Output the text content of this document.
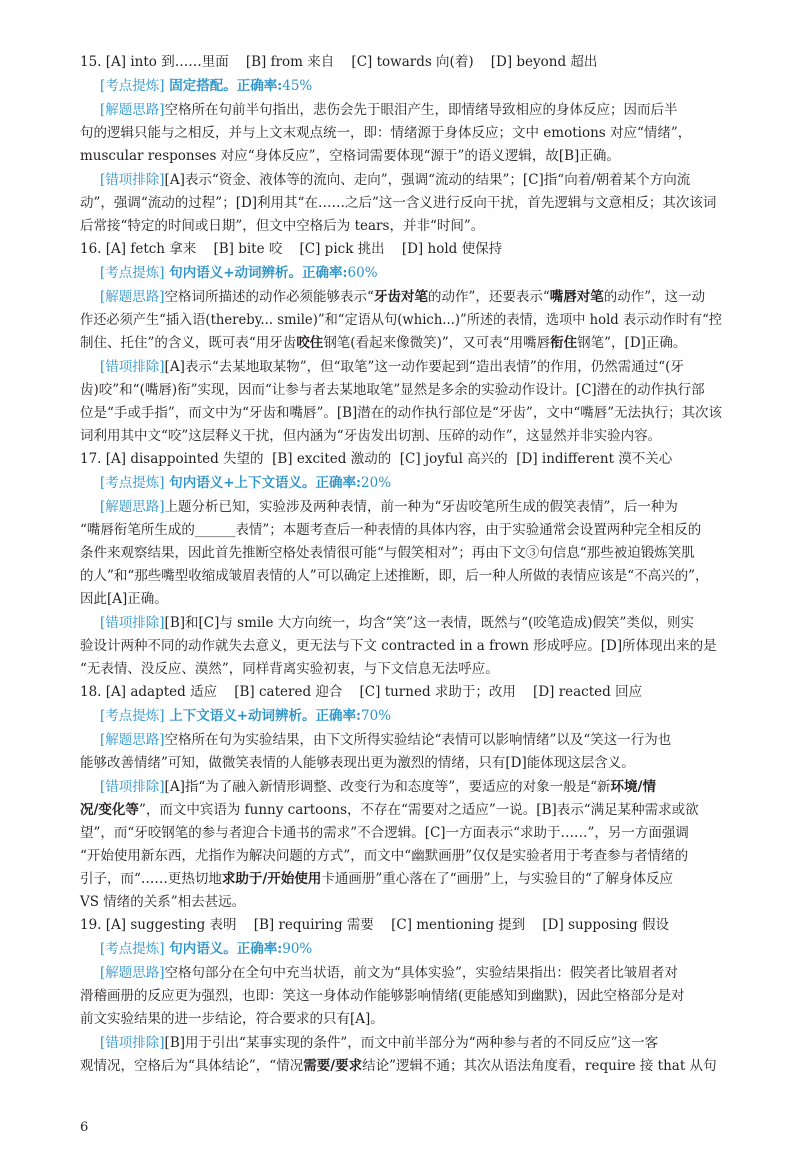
15. [A] into 到……里面    [B] from 来自    [C] towards 向(着)    [D] beyond 超出
[考点提炼] 固定搭配。正确率:45%
[解题思路]空格所在句前半句指出，悲伤会先于眼泪产生，即情绪导致相应的身体反应；因而后半
句的逻辑只能与之相反，并与上文末观点统一，即：情绪源于身体反应；文中 emotions 对应“情绪”，
muscular responses 对应“身体反应”，空格词需要体现“源于”的语义逻辑，故[B]正确。
[错项排除][A]表示“资金、液体等的流向、走向”，强调“流动的结果”；[C]指“向着/朝着某个方向流
动”，强调“流动的过程”；[D]利用其“在……之后”这一含义进行反向干扰，首先逻辑与文意相反；其次该词
后常接“特定的时间或日期”，但文中空格后为 tears，并非“时间”。
16. [A] fetch 拿来    [B] bite 咬    [C] pick 挑出    [D] hold 使保持
[考点提炼] 句内语义+动词辨析。正确率:60%
[解题思路]空格词所描述的动作必须能够表示“牙齿对笔的动作”，还要表示“嘴唇对笔的动作”，这一动
作还必须产生“插入语(thereby... smile)”和“定语从句(which...)”所述的表情，选项中 hold 表示动作时有“控
制住、托住”的含义，既可表“用牙齿咬住钢笔(看起来像微笑)”，又可表“用嘴唇衔住钢笔”，[D]正确。
[错项排除][A]表示“去某地取某物”，但“取笔”这一动作要起到“造出表情”的作用，仍然需通过“(牙
齿)咬”和“(嘴唇)衔”实现，因而“让参与者去某地取笔”显然是多余的实验动作设计。[C]潜在的动作执行部
位是“手或手指”，而文中为“牙齿和嘴唇”。[B]潜在的动作执行部位是“牙齿”，文中“嘴唇”无法执行；其次该
词利用其中文“咬”这层释义干扰，但内涵为“牙齿发出切割、压碎的动作”，这显然并非实验内容。
17. [A] disappointed 失望的  [B] excited 激动的  [C] joyful 高兴的  [D] indifferent 漠不关心
[考点提炼] 句内语义+上下文语义。正确率:20%
[解题思路]上题分析已知，实验涉及两种表情，前一种为“牙齿咬笔所生成的假笑表情”，后一种为
“嘴唇衔笔所生成的______表情”；本题考查后一种表情的具体内容，由于实验通常会设置两种完全相反的
条件来观察结果，因此首先推断空格处表情很可能“与假笑相对”；再由下文③句信息“那些被迫锻炼笑肌
的人”和“那些嘴型收缩成皱眉表情的人”可以确定上述推断，即，后一种人所做的表情应该是“不高兴的”，
因此[A]正确。
[错项排除][B]和[C]与 smile 大方向统一，均含“笑”这一表情，既然与“(咬笔造成)假笑”类似，则实
验设计两种不同的动作就失去意义，更无法与下文 contracted in a frown 形成呼应。[D]所体现出来的是
“无表情、没反应、漠然”，同样背离实验初衷，与下文信息无法呼应。
18. [A] adapted 适应    [B] catered 迎合    [C] turned 求助于；改用    [D] reacted 回应
[考点提炼] 上下文语义+动词辨析。正确率:70%
[解题思路]空格所在句为实验结果，由下文所得实验结论“表情可以影响情绪”以及“笑这一行为也
能够改善情绪”可知，做微笑表情的人能够表现出更为激烈的情绪，只有[D]能体现这层含义。
[错项排除][A]指“为了融入新情形调整、改变行为和态度等”，要适应的对象一般是“新环境/情
况/变化等”，而文中宾语为 funny cartoons，不存在“需要对之适应”一说。[B]表示“满足某种需求或欲
望”，而“牙咬钢笔的参与者迎合卡通书的需求”不合逻辑。[C]一方面表示“求助于……”，另一方面强调
“开始使用新东西，尤指作为解决问题的方式”，而文中“幽默画册”仅仅是实验者用于考查参与者情绪的
引子，而“……更热切地求助于/开始使用卡通画册”重心落在了“画册”上，与实验目的“了解身体反应
VS 情绪的关系”相去甚远。
19. [A] suggesting 表明    [B] requiring 需要    [C] mentioning 提到    [D] supposing 假设
[考点提炼] 句内语义。正确率:90%
[解题思路]空格句部分在全句中充当状语，前文为“具体实验”，实验结果指出：假笑者比皱眉者对
滑稽画册的反应更为强烈，也即：笑这一身体动作能够影响情绪(更能感知到幽默)，因此空格部分是对
前文实验结果的进一步结论，符合要求的只有[A]。
[错项排除][B]用于引出“某事实现的条件”，而文中前半部分为“两种参与者的不同反应”这一客
观情况，空格后为“具体结论”，“情况需要/要求结论”逻辑不通；其次从语法角度看，require 接 that 从句
6
